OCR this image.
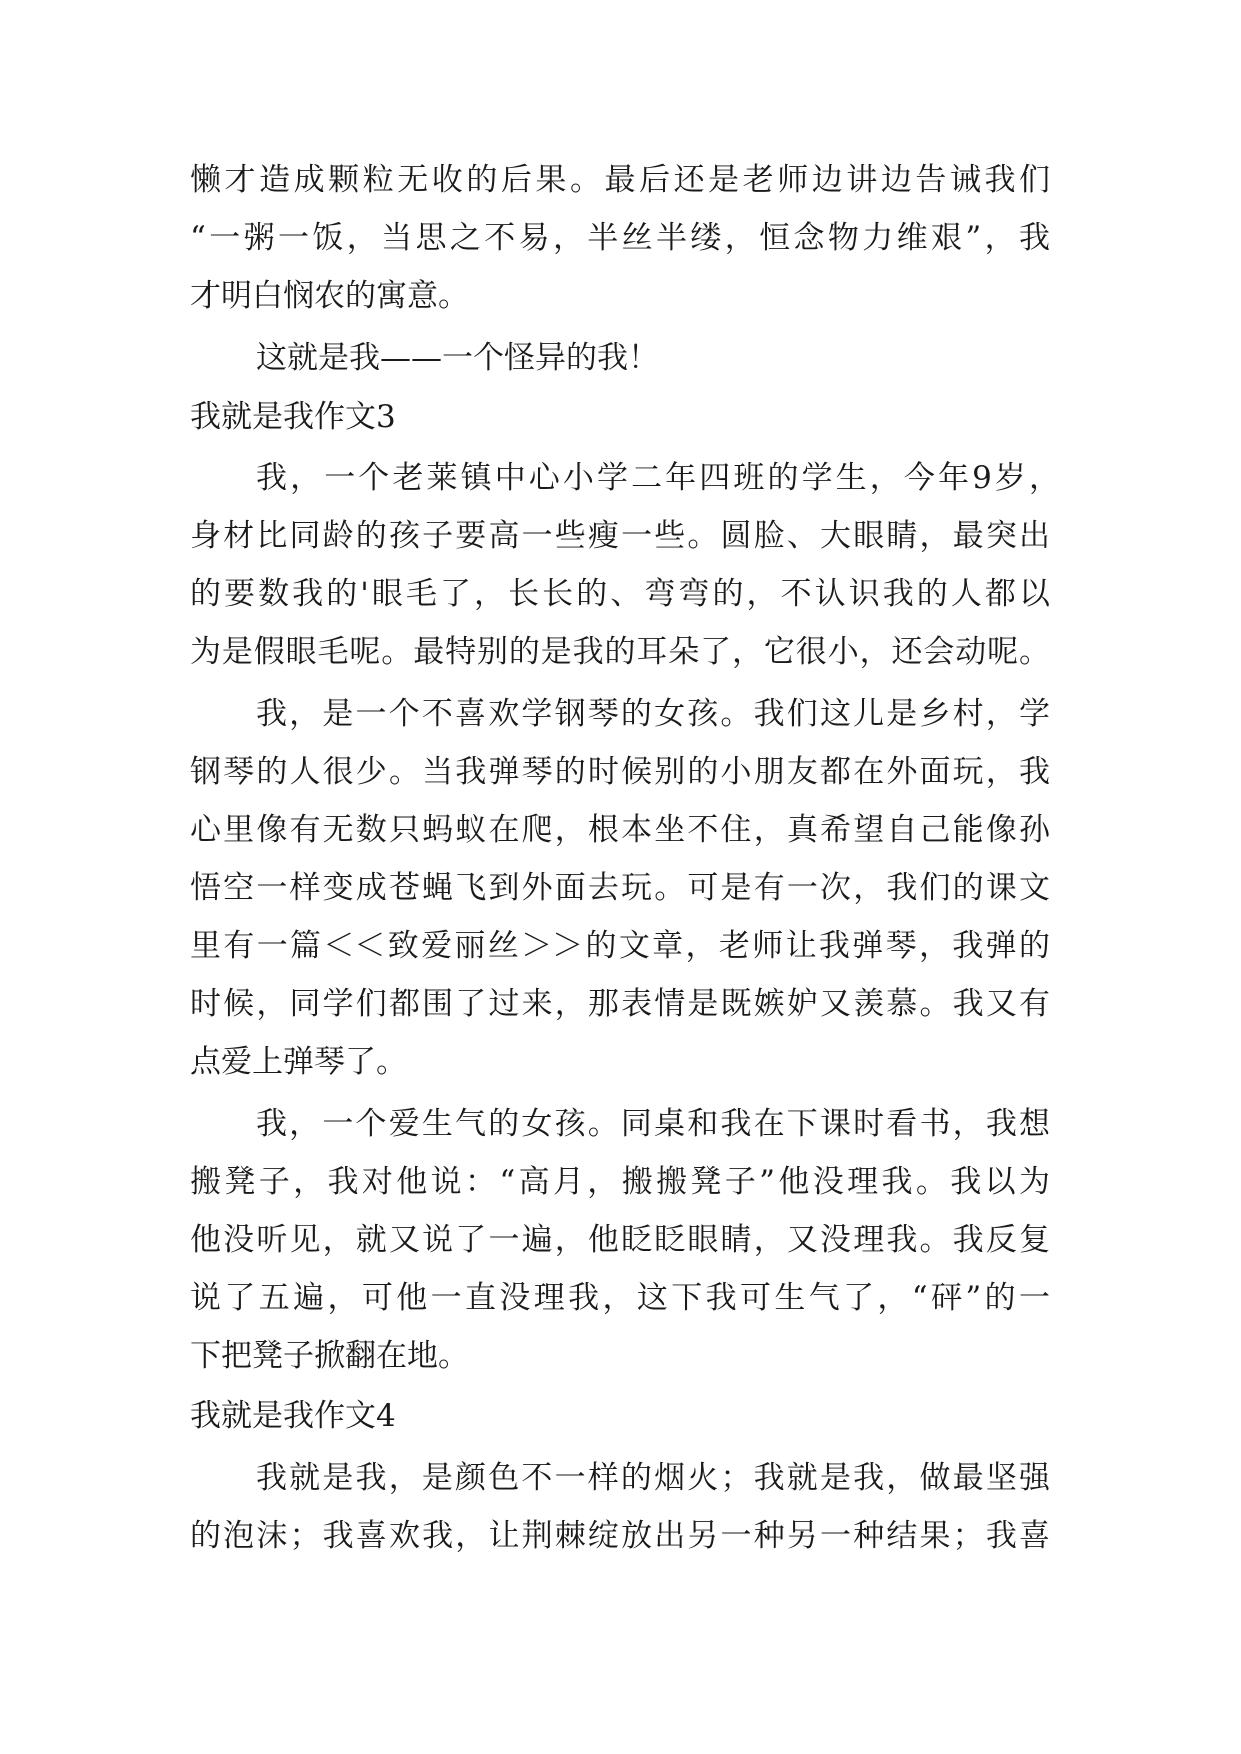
懒才造成颗粒无收的后果。最后还是老师边讲边告诫我们
“一粥一饭，当思之不易，半丝半缕，恒念物力维艰”，我
才明白悯农的寓意。
这就是我——一个怪异的我！
我就是我作文3
我，一个老莱镇中心小学二年四班的学生，今年9岁，
身材比同龄的孩子要高一些瘦一些。圆脸、大眼睛，最突出
的要数我的'眼毛了，长长的、弯弯的，不认识我的人都以
为是假眼毛呢。最特别的是我的耳朵了，它很小，还会动呢。
我，是一个不喜欢学钢琴的女孩。我们这儿是乡村，学
钢琴的人很少。当我弹琴的时候别的小朋友都在外面玩，我
心里像有无数只蚂蚁在爬，根本坐不住，真希望自己能像孙
悟空一样变成苍蝇飞到外面去玩。可是有一次，我们的课文
里有一篇＜＜致爱丽丝＞＞的文章，老师让我弹琴，我弹的
时候，同学们都围了过来，那表情是既嫉妒又羡慕。我又有
点爱上弹琴了。
我，一个爱生气的女孩。同桌和我在下课时看书，我想
搬凳子，我对他说：“高月，搬搬凳子”他没理我。我以为
他没听见，就又说了一遍，他眨眨眼睛，又没理我。我反复
说了五遍，可他一直没理我，这下我可生气了，“砰”的一
下把凳子掀翻在地。
我就是我作文4
我就是我，是颜色不一样的烟火；我就是我，做最坚强
的泡沫；我喜欢我，让荆棘绽放出另一种另一种结果；我喜
